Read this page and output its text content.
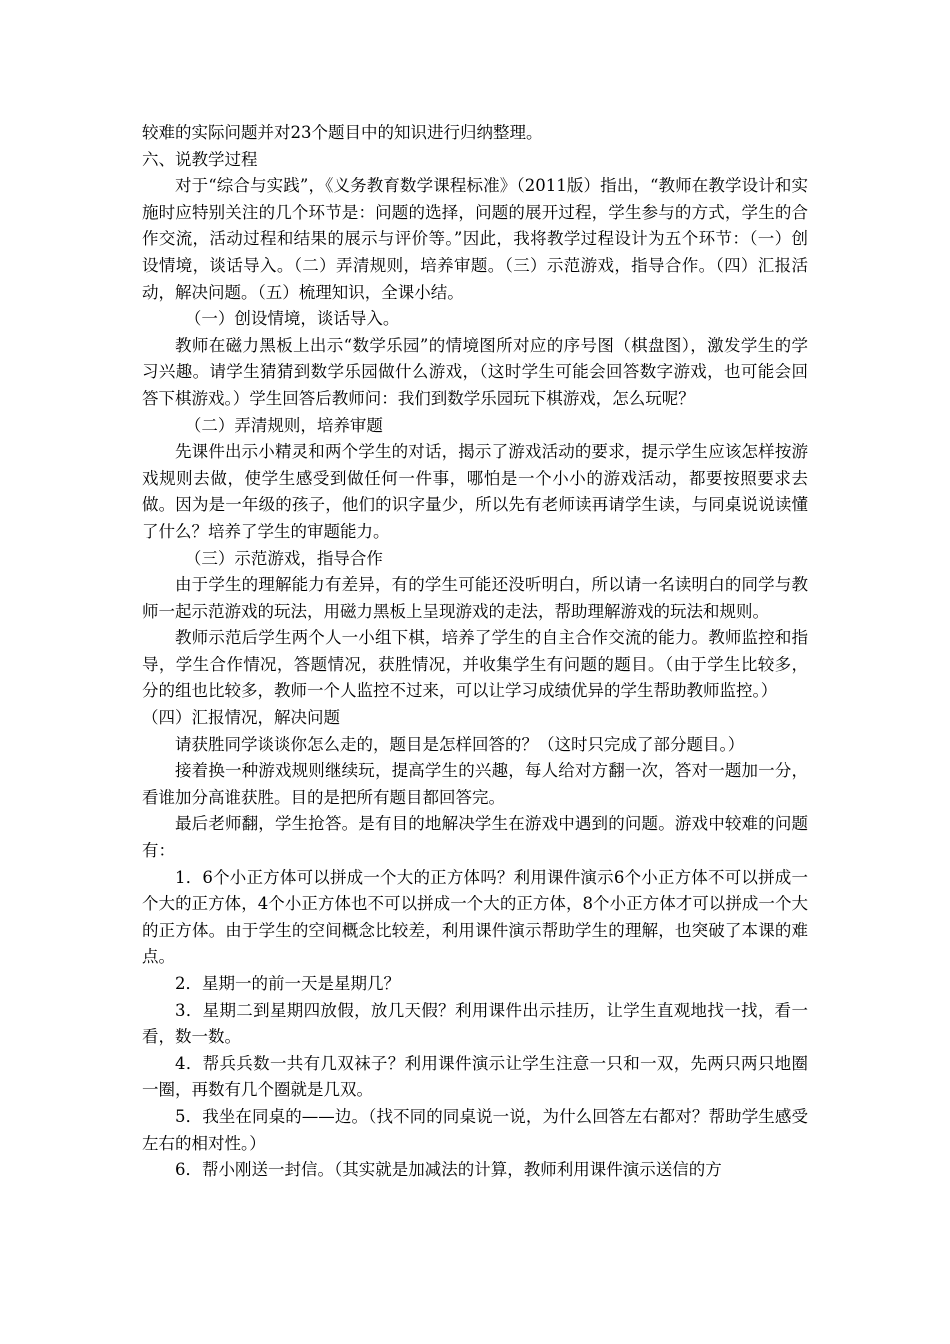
较难的实际问题并对23个题目中的知识进行归纳整理。

六、说教学过程

对于“综合与实践”，《义务教育数学课程标准》（2011版）指出，“教师在教学设计和实施时应特别关注的几个环节是：问题的选择，问题的展开过程，学生参与的方式，学生的合作交流，活动过程和结果的展示与评价等。”因此，我将教学过程设计为五个环节：（一）创设情境，谈话导入。（二）弄清规则，培养审题。（三）示范游戏，指导合作。（四）汇报活动，解决问题。（五）梳理知识，全课小结。

（一）创设情境，谈话导入。

教师在磁力黑板上出示“数学乐园”的情境图所对应的序号图（棋盘图），激发学生的学习兴趣。请学生猜猜到数学乐园做什么游戏，（这时学生可能会回答数字游戏，也可能会回答下棋游戏。）学生回答后教师问：我们到数学乐园玩下棋游戏，怎么玩呢？

（二）弄清规则，培养审题

先课件出示小精灵和两个学生的对话，揭示了游戏活动的要求，提示学生应该怎样按游戏规则去做，使学生感受到做任何一件事，哪怕是一个小小的游戏活动，都要按照要求去做。因为是一年级的孩子，他们的识字量少，所以先有老师读再请学生读，与同桌说说读懂了什么？培养了学生的审题能力。

（三）示范游戏，指导合作

由于学生的理解能力有差异，有的学生可能还没听明白，所以请一名读明白的同学与教师一起示范游戏的玩法，用磁力黑板上呈现游戏的走法，帮助理解游戏的玩法和规则。

教师示范后学生两个人一小组下棋，培养了学生的自主合作交流的能力。教师监控和指导，学生合作情况，答题情况，获胜情况，并收集学生有问题的题目。（由于学生比较多，分的组也比较多，教师一个人监控不过来，可以让学习成绩优异的学生帮助教师监控。）

（四）汇报情况，解决问题

请获胜同学谈谈你怎么走的，题目是怎样回答的？（这时只完成了部分题目。）

接着换一种游戏规则继续玩，提高学生的兴趣，每人给对方翻一次，答对一题加一分，看谁加分高谁获胜。目的是把所有题目都回答完。

最后老师翻，学生抢答。是有目的地解决学生在游戏中遇到的问题。游戏中较难的问题有：

1．6个小正方体可以拼成一个大的正方体吗？利用课件演示6个小正方体不可以拼成一个大的正方体，4个小正方体也不可以拼成一个大的正方体，8个小正方体才可以拼成一个大的正方体。由于学生的空间概念比较差，利用课件演示帮助学生的理解，也突破了本课的难点。

2．星期一的前一天是星期几？

3．星期二到星期四放假，放几天假？利用课件出示挂历，让学生直观地找一找，看一看，数一数。

4．帮兵兵数一共有几双袜子？利用课件演示让学生注意一只和一双，先两只两只地圈一圈，再数有几个圈就是几双。

5．我坐在同桌的——边。（找不同的同桌说一说，为什么回答左右都对？帮助学生感受左右的相对性。）

6．帮小刚送一封信。（其实就是加减法的计算，教师利用课件演示送信的方
